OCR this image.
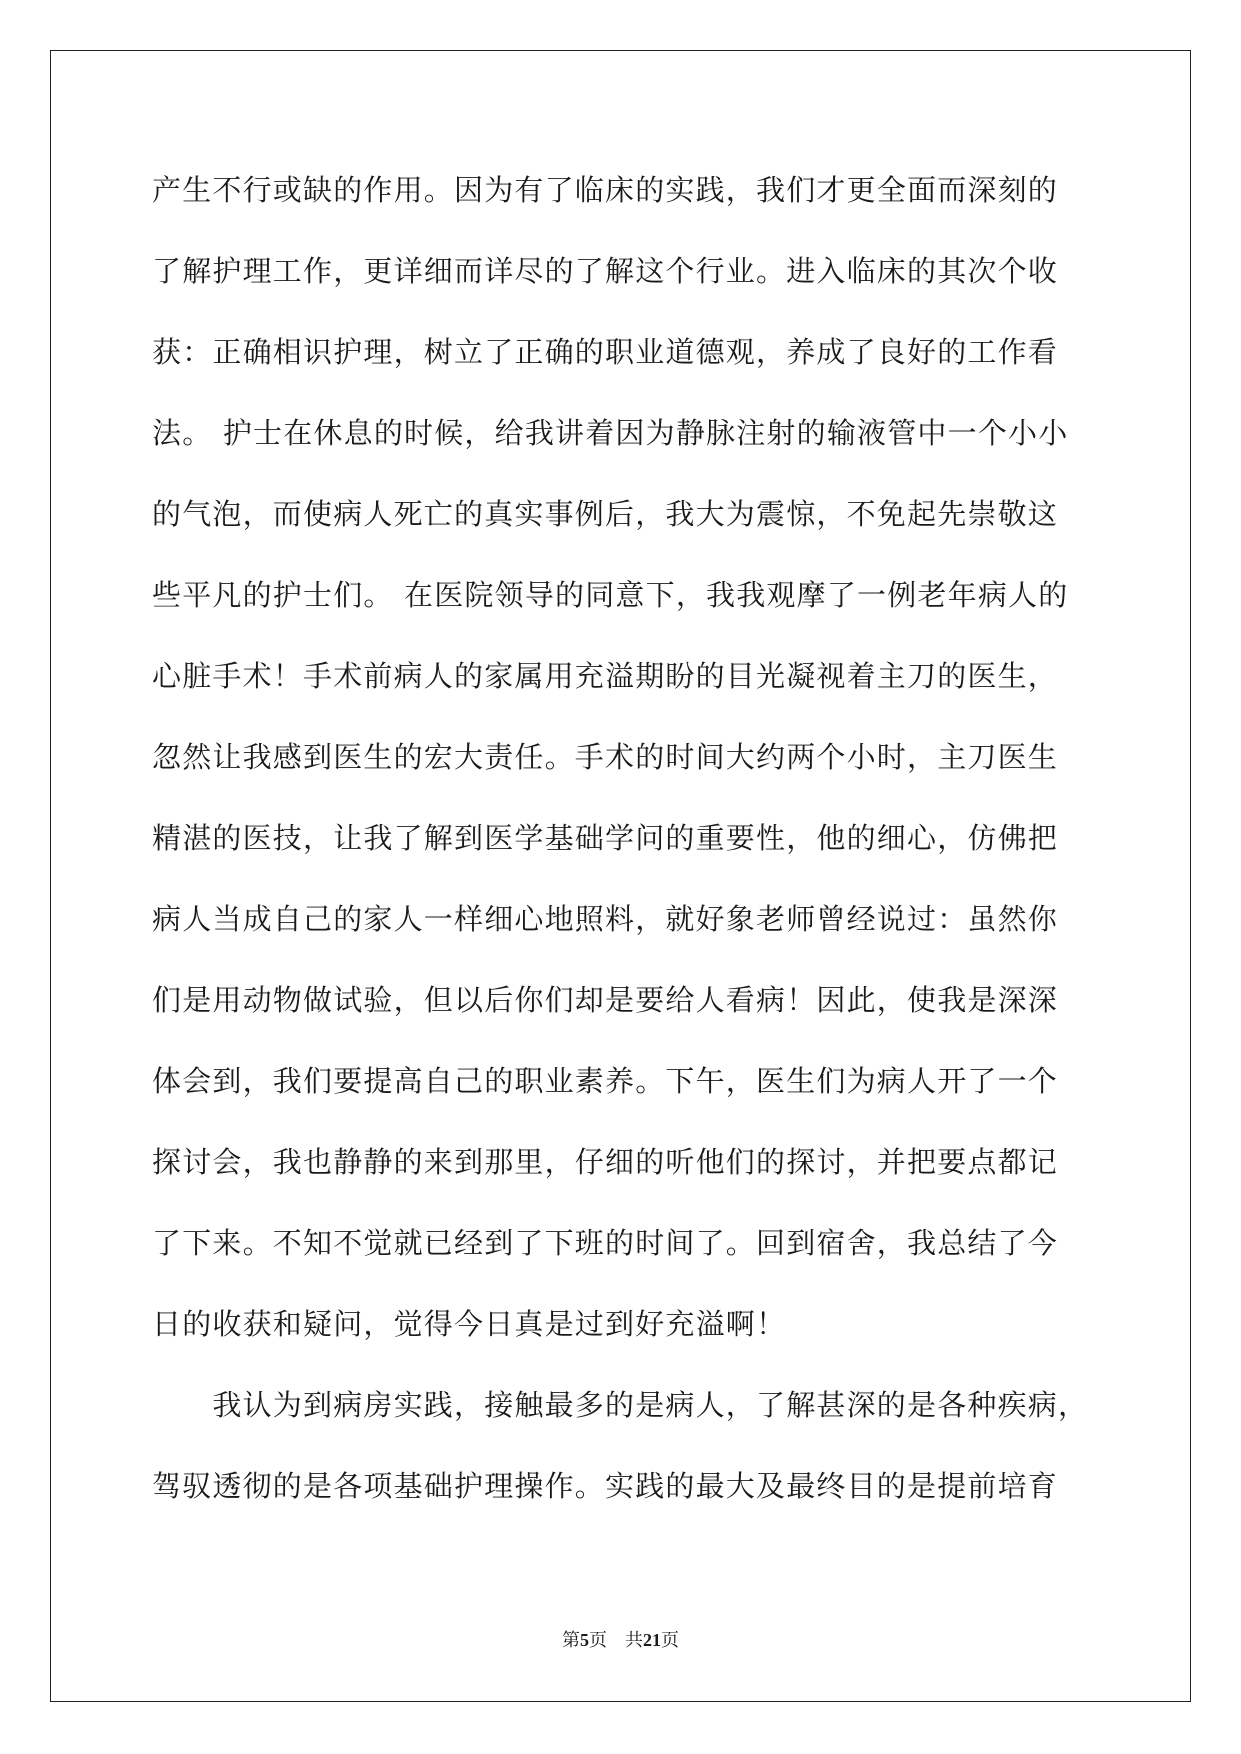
产生不行或缺的作用。因为有了临床的实践，我们才更全面而深刻的
了解护理工作，更详细而详尽的了解这个行业。进入临床的其次个收
获：正确相识护理，树立了正确的职业道德观，养成了良好的工作看
法。 护士在休息的时候，给我讲着因为静脉注射的输液管中一个小小
的气泡，而使病人死亡的真实事例后，我大为震惊，不免起先崇敬这
些平凡的护士们。 在医院领导的同意下，我我观摩了一例老年病人的
心脏手术！手术前病人的家属用充溢期盼的目光凝视着主刀的医生，
忽然让我感到医生的宏大责任。手术的时间大约两个小时，主刀医生
精湛的医技，让我了解到医学基础学问的重要性，他的细心，仿佛把
病人当成自己的家人一样细心地照料，就好象老师曾经说过：虽然你
们是用动物做试验，但以后你们却是要给人看病！因此，使我是深深
体会到，我们要提高自己的职业素养。下午，医生们为病人开了一个
探讨会，我也静静的来到那里，仔细的听他们的探讨，并把要点都记
了下来。不知不觉就已经到了下班的时间了。回到宿舍，我总结了今
日的收获和疑问，觉得今日真是过到好充溢啊！
　　我认为到病房实践，接触最多的是病人，了解甚深的是各种疾病，
驾驭透彻的是各项基础护理操作。实践的最大及最终目的是提前培育
第5页　共21页
